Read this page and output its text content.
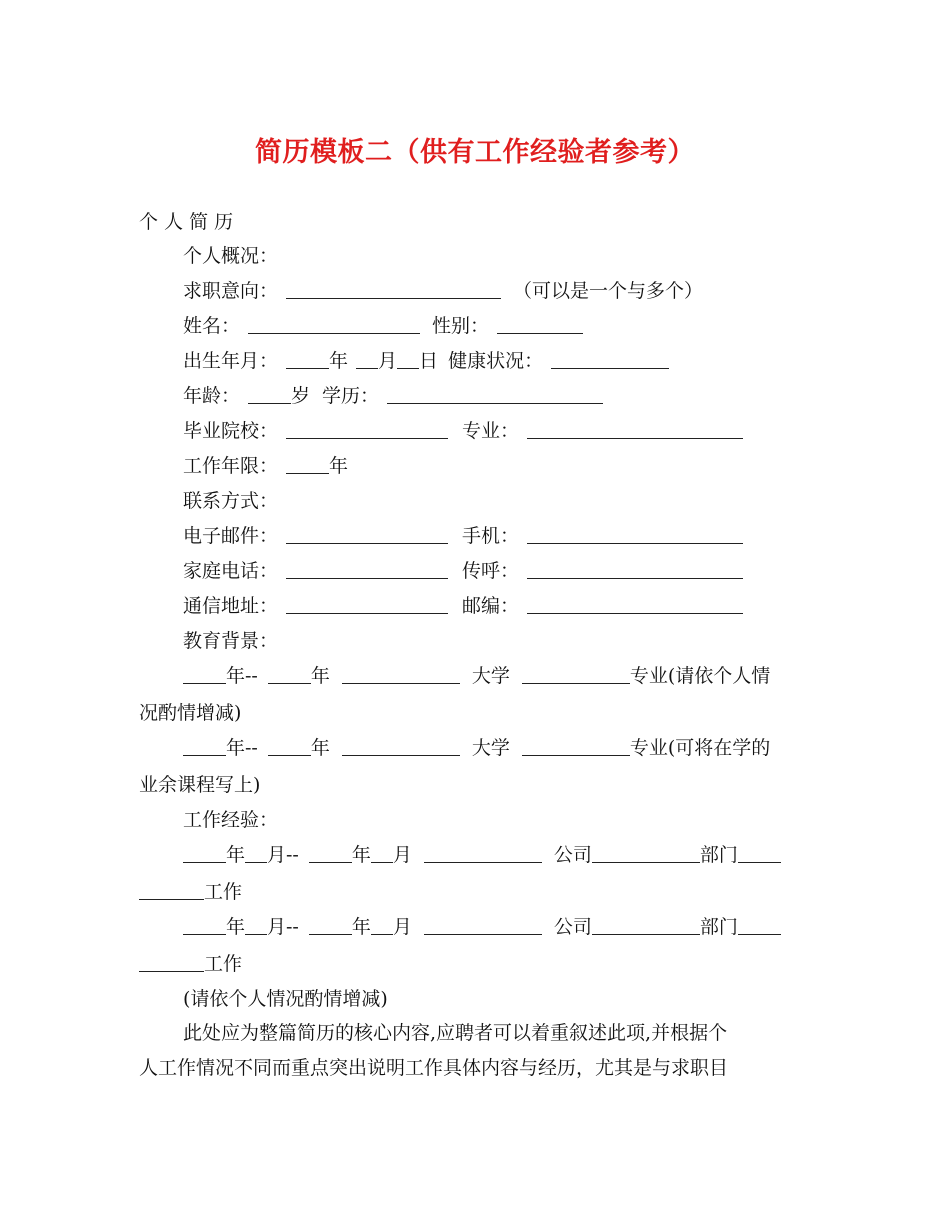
简历模板二（供有工作经验者参考）
个 人 简 历
个人概况：
求职意向：	（可以是一个与多个）
姓名：	性别：
出生年月：	年 月 日 健康状况：
年龄：	岁 学历：
毕业院校：	专业：
工作年限：	年
联系方式：
电子邮件：	手机：
家庭电话：	传呼：
通信地址：	邮编：
教育背景：
年--	年	大学	专业(请依个人情
况酌情增减)
年--	年	大学	专业(可将在学的
业余课程写上)
工作经验：
年 月--	年 月	公司	部门
工作
年 月--	年 月	公司	部门
工作
(请依个人情况酌情增减)
此处应为整篇简历的核心内容,应聘者可以着重叙述此项,并根据个
人工作情况不同而重点突出说明工作具体内容与经历，尤其是与求职目
